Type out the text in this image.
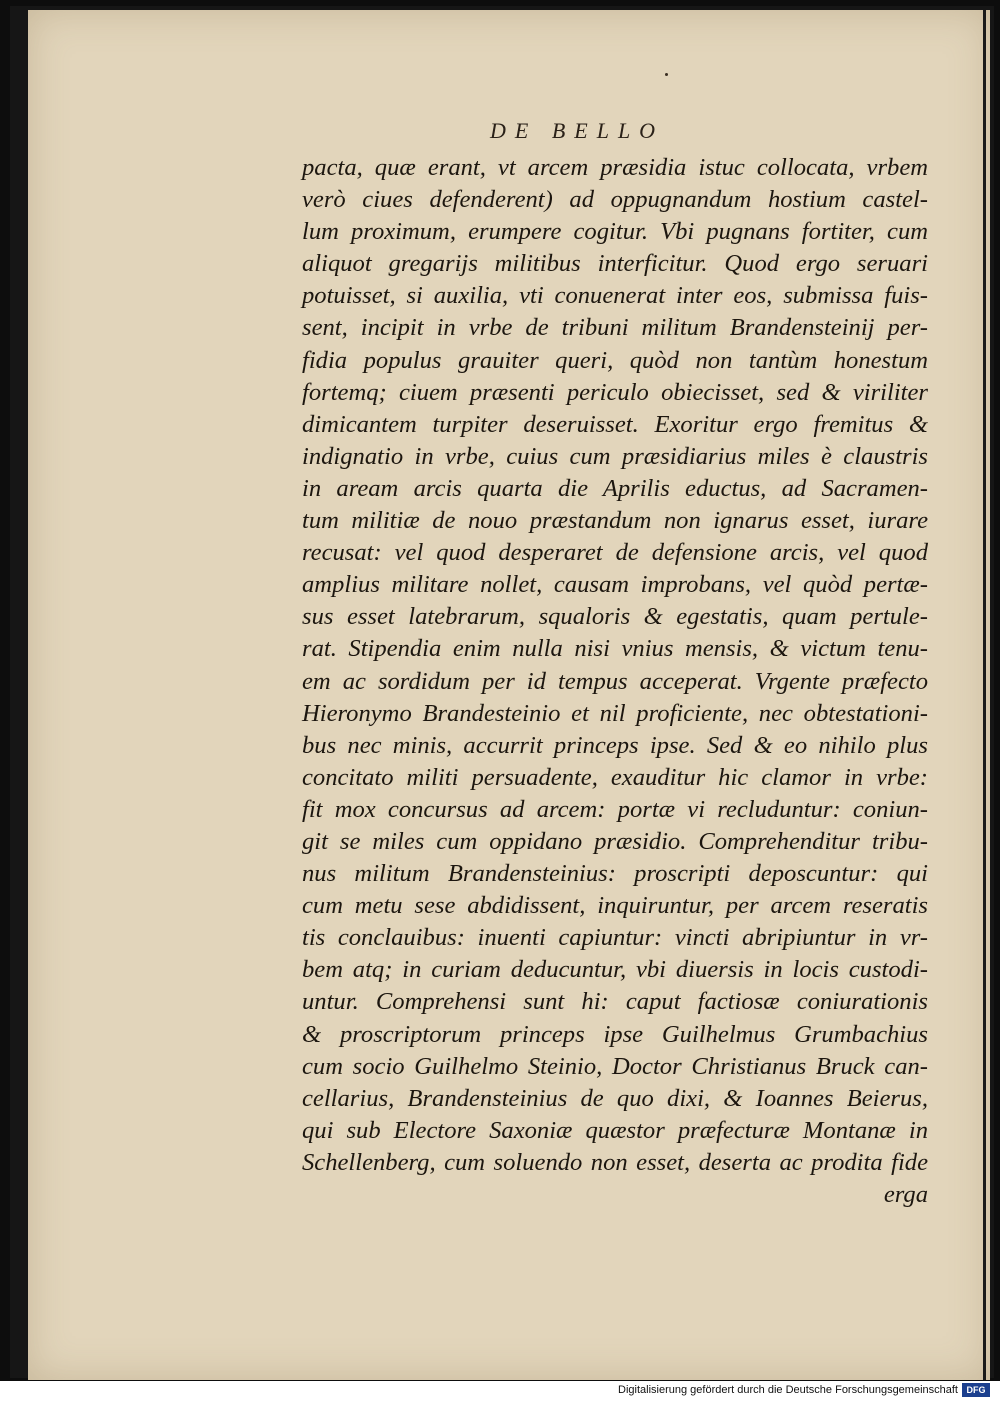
DE BELLO
pacta, quæ erant, vt arcem præsidia istuc collocata, vrbem
verò ciues defenderent) ad oppugnandum hostium castel-
lum proximum, erumpere cogitur. Vbi pugnans fortiter, cum
aliquot gregarijs militibus interficitur. Quod ergo seruari
potuisset, si auxilia, vti conuenerat inter eos, submissa fuis-
sent, incipit in vrbe de tribuni militum Brandensteinij per-
fidia populus grauiter queri, quòd non tantùm honestum
fortemq; ciuem præsenti periculo obiecisset, sed & viriliter
dimicantem turpiter deseruisset. Exoritur ergo fremitus &
indignatio in vrbe, cuius cum præsidiarius miles è claustris
in aream arcis quarta die Aprilis eductus, ad Sacramen-
tum militiæ de nouo præstandum non ignarus esset, iurare
recusat: vel quod desperaret de defensione arcis, vel quod
amplius militare nollet, causam improbans, vel quòd pertæ-
sus esset latebrarum, squaloris & egestatis, quam pertule-
rat. Stipendia enim nulla nisi vnius mensis, & victum tenu-
em ac sordidum per id tempus acceperat. Vrgente præfecto
Hieronymo Brandesteinio et nil proficiente, nec obtestationi-
bus nec minis, accurrit princeps ipse. Sed & eo nihilo plus
concitato militi persuadente, exauditur hic clamor in vrbe:
fit mox concursus ad arcem: portæ vi recluduntur: coniun-
git se miles cum oppidano præsidio. Comprehenditur tribu-
nus militum Brandensteinius: proscripti deposcuntur: qui
cum metu sese abdidissent, inquiruntur, per arcem reseratis
tis conclauibus: inuenti capiuntur: vincti abripiuntur in vr-
bem atq; in curiam deducuntur, vbi diuersis in locis custodi-
untur. Comprehensi sunt hi: caput factiosæ coniurationis
& proscriptorum princeps ipse Guilhelmus Grumbachius
cum socio Guilhelmo Steinio, Doctor Christianus Bruck can-
cellarius, Brandensteinius de quo dixi, & Ioannes Beierus,
qui sub Electore Saxoniæ quæstor præfecturæ Montanæ in
Schellenberg, cum soluendo non esset, deserta ac prodita fide
erga
Digitalisierung gefördert durch die Deutsche Forschungsgemeinschaft DFG
